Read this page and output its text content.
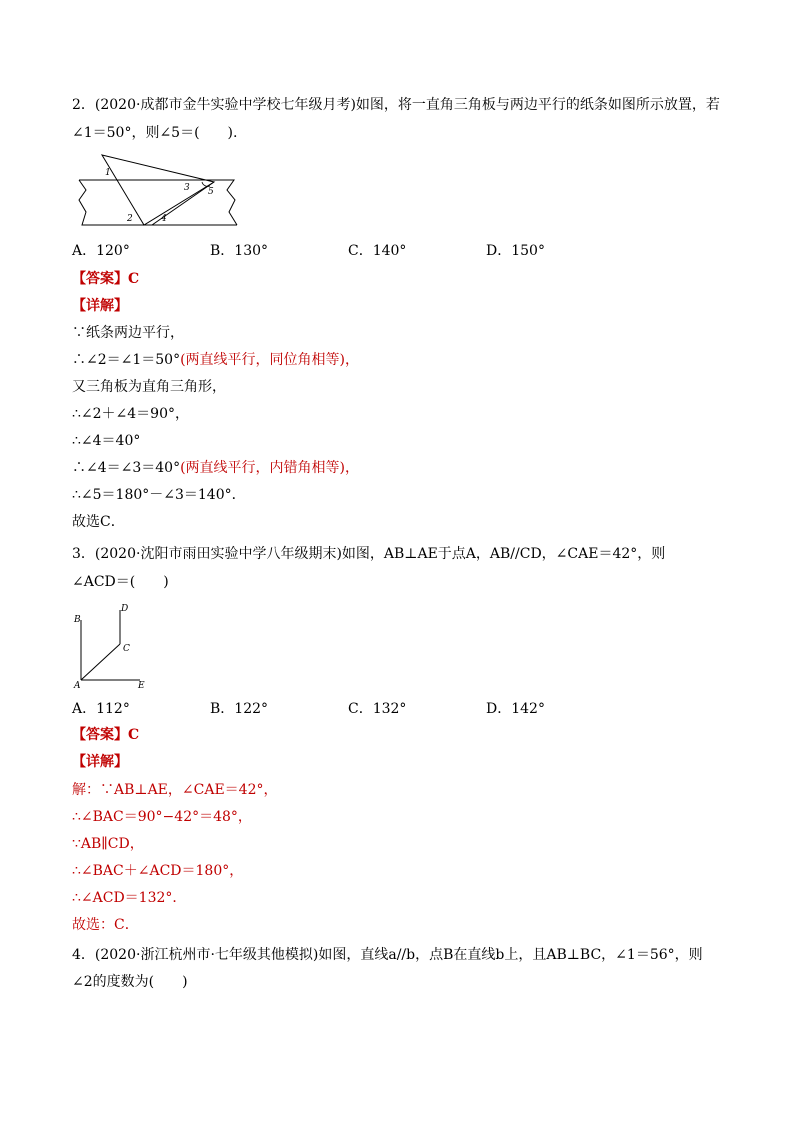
2．(2020·成都市金牛实验中学校七年级月考)如图，将一直角三角板与两边平行的纸条如图所示放置，若
∠1＝50°，则∠5＝(　　).
1
2
3
4
5
A．120°	B．130°	C．140°	D．150°
【答案】C
【详解】
∵纸条两边平行，
∴∠2＝∠1＝50°(两直线平行，同位角相等)，
又三角板为直角三角形，
∴∠2＋∠4＝90°，
∴∠4＝40°
∴∠4＝∠3＝40°(两直线平行，内错角相等)，
∴∠5＝180°－∠3＝140°．
故选C．
3．(2020·沈阳市雨田实验中学八年级期末)如图，AB⊥AE于点A，AB//CD，∠CAE＝42°，则
∠ACD＝(　　)
B
D
C
A	E
A．112°	B．122°	C．132°	D．142°
【答案】C
【详解】
解：∵AB⊥AE，∠CAE＝42°，
∴∠BAC＝90°−42°＝48°，
∵AB∥CD，
∴∠BAC＋∠ACD＝180°，
∴∠ACD＝132°．
故选：C．
4．(2020·浙江杭州市·七年级其他模拟)如图，直线a//b，点B在直线b上，且AB⊥BC，∠1＝56°，则
∠2的度数为(　　)
